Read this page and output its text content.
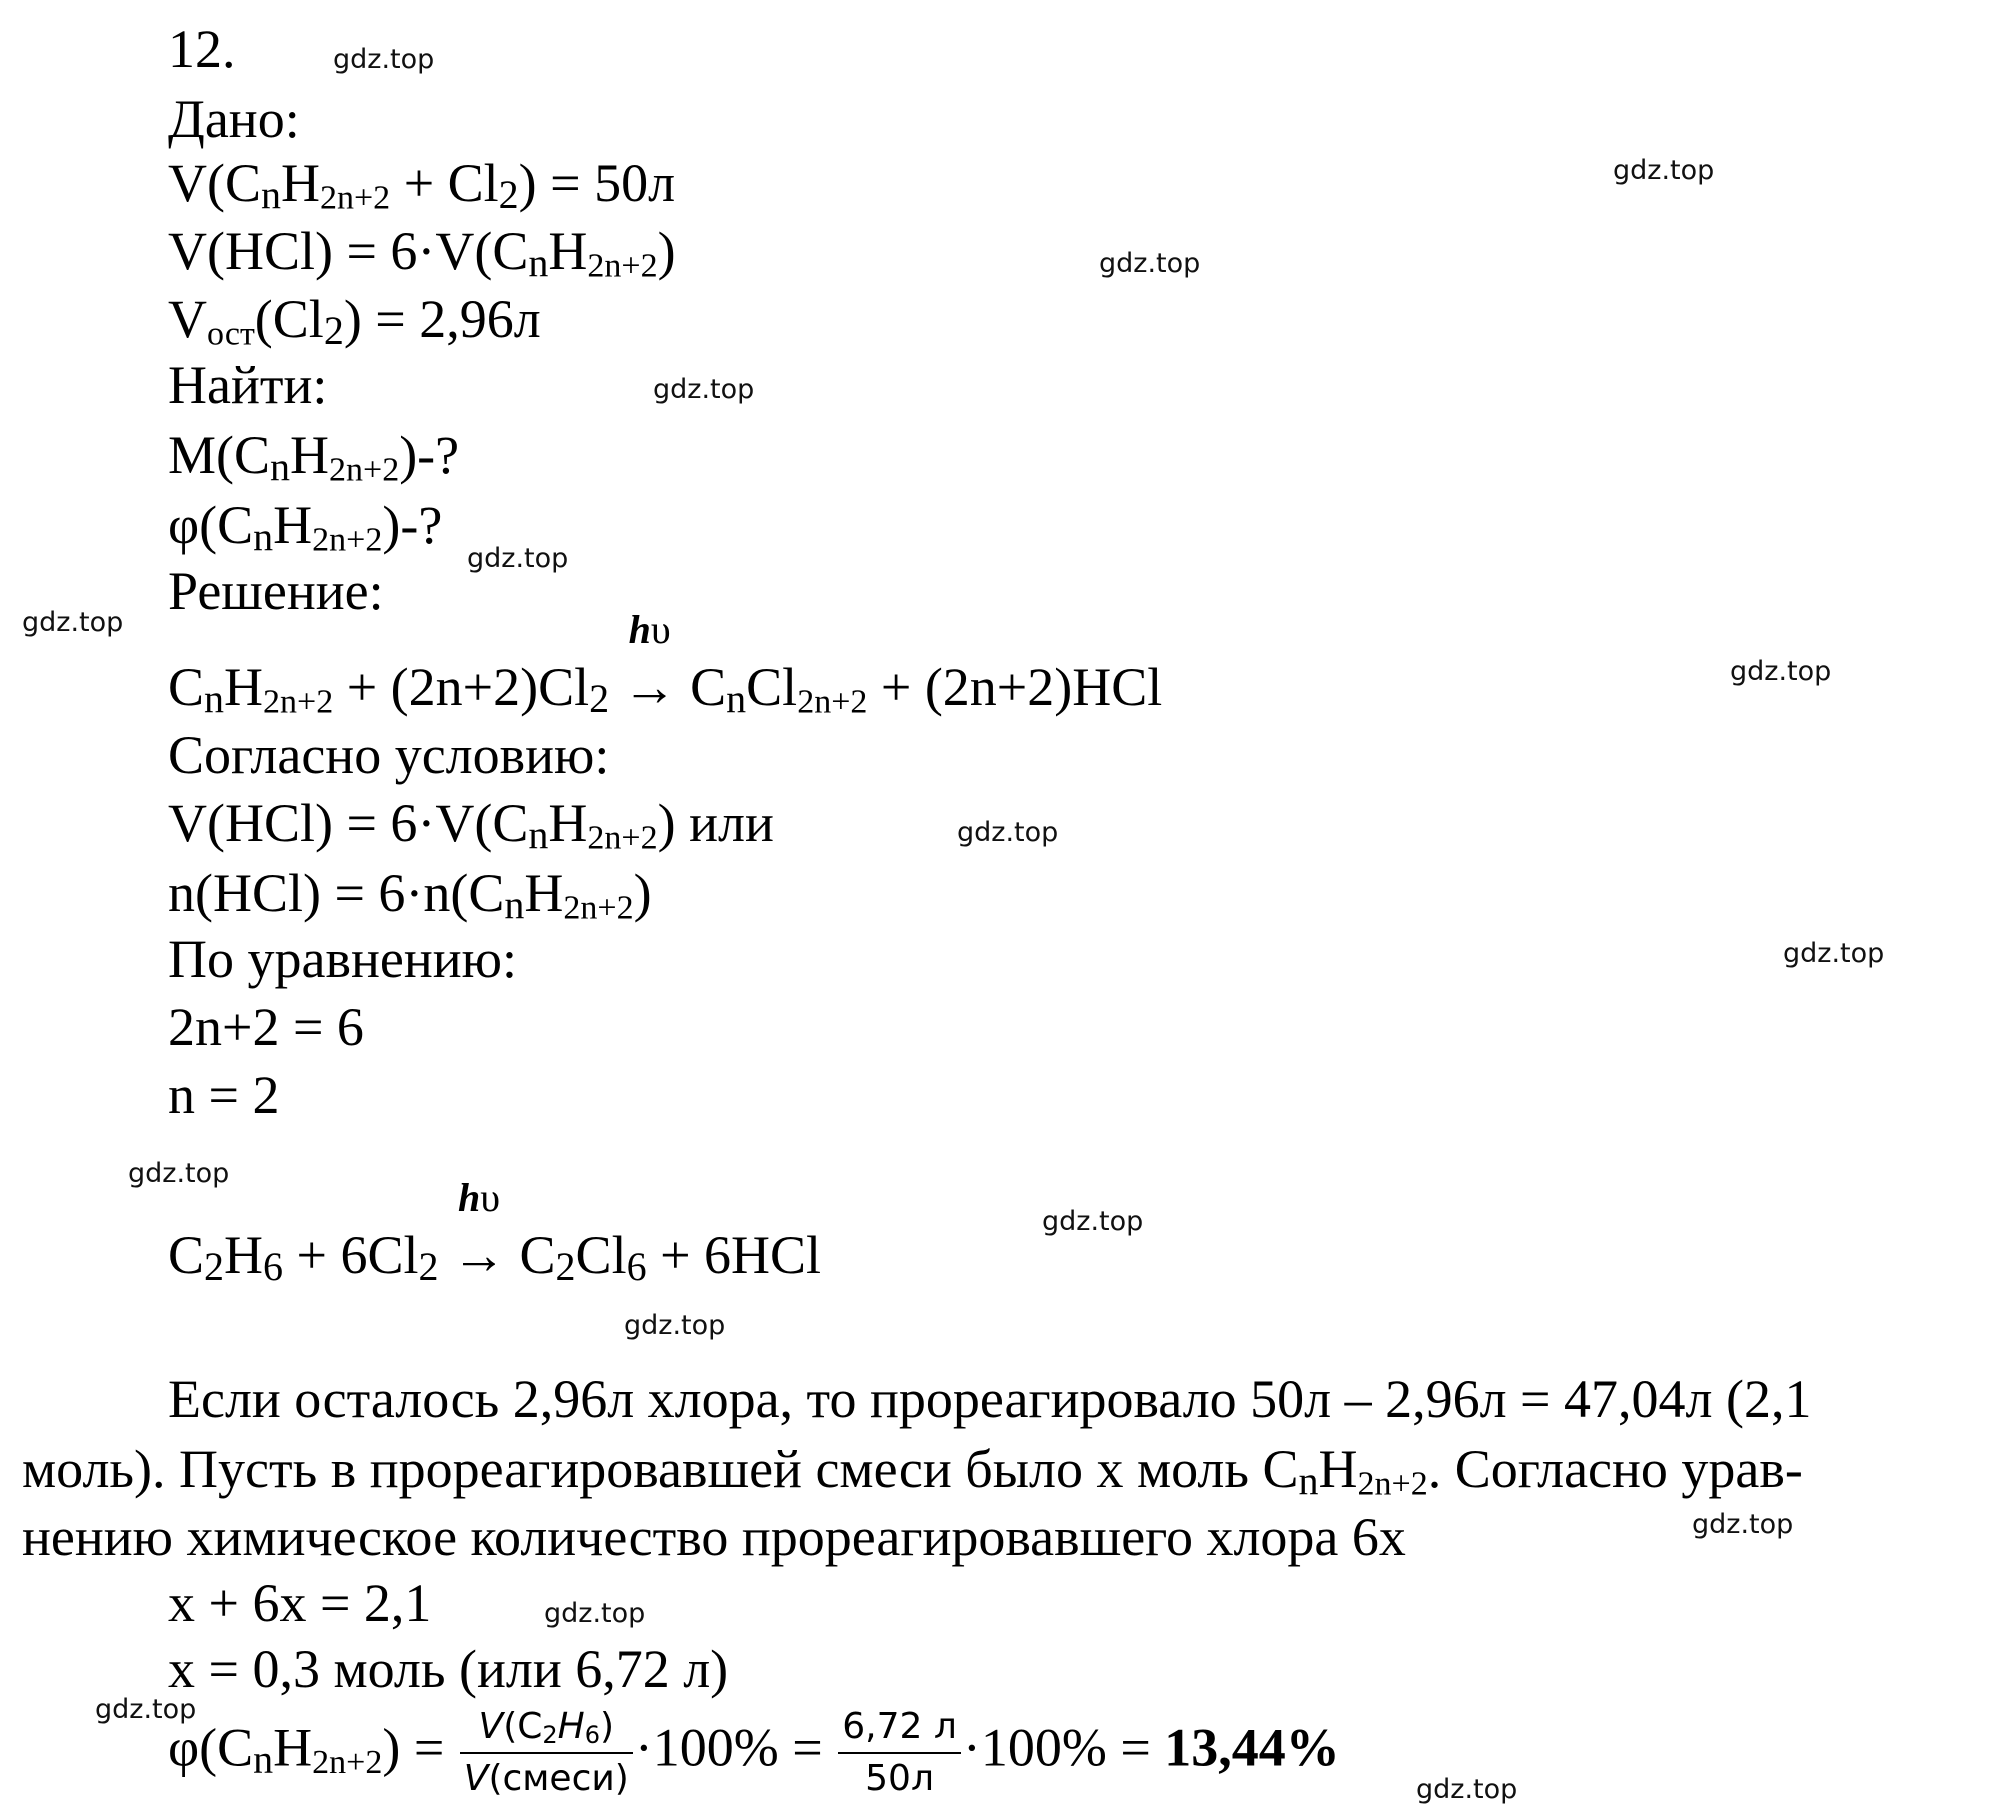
gdz.top
gdz.top
gdz.top
gdz.top
gdz.top
gdz.top
gdz.top
gdz.top
gdz.top
gdz.top
gdz.top
gdz.top
gdz.top
gdz.top
gdz.top
gdz.top
12.
Дано:
$V(C_nH_{2n+2} + Cl_2) = 50л$
$V(HCl) = 6\cdot V(C_nH_{2n+2})$
$V_{ост}(Cl_2) = 2,96л$
Найти:
$M(C_nH_{2n+2})-$?
$\varphi(C_nH_{2n+2})-$?
Решение:
$C_nH_{2n+2} + (2n+2)Cl_2$
hυ
→ $C_nCl_{2n+2} + (2n+2)HCl$
Согласно условию:
$V(HCl) = 6\cdot V(C_nH_{2n+2})$ или
$n(HCl) = 6\cdot n(C_nH_{2n+2})$
По уравнению:
2n+2 = 6
n = 2
$C_2H_6 + 6Cl_2$
hυ
→ $C_2Cl_6 + 6HCl$
Если осталось 2,96л хлора, то прореагировало 50л – 2,96л = 47,04л (2,1
моль). Пусть в прореагировавшей смеси было x моль $C_nH_{2n+2}$. Согласно урав-
нению химическое количество прореагировавшего хлора 6x
x + 6x = 2,1
x = 0,3 моль (или 6,72 л)
$\varphi(C_nH_{2n+2}) = \frac{V(C_2H_6)}{\text{V(смеси)}} \cdot 100\% = \frac{6,72 л}{50л} \cdot 100\% = 13,44\%$
